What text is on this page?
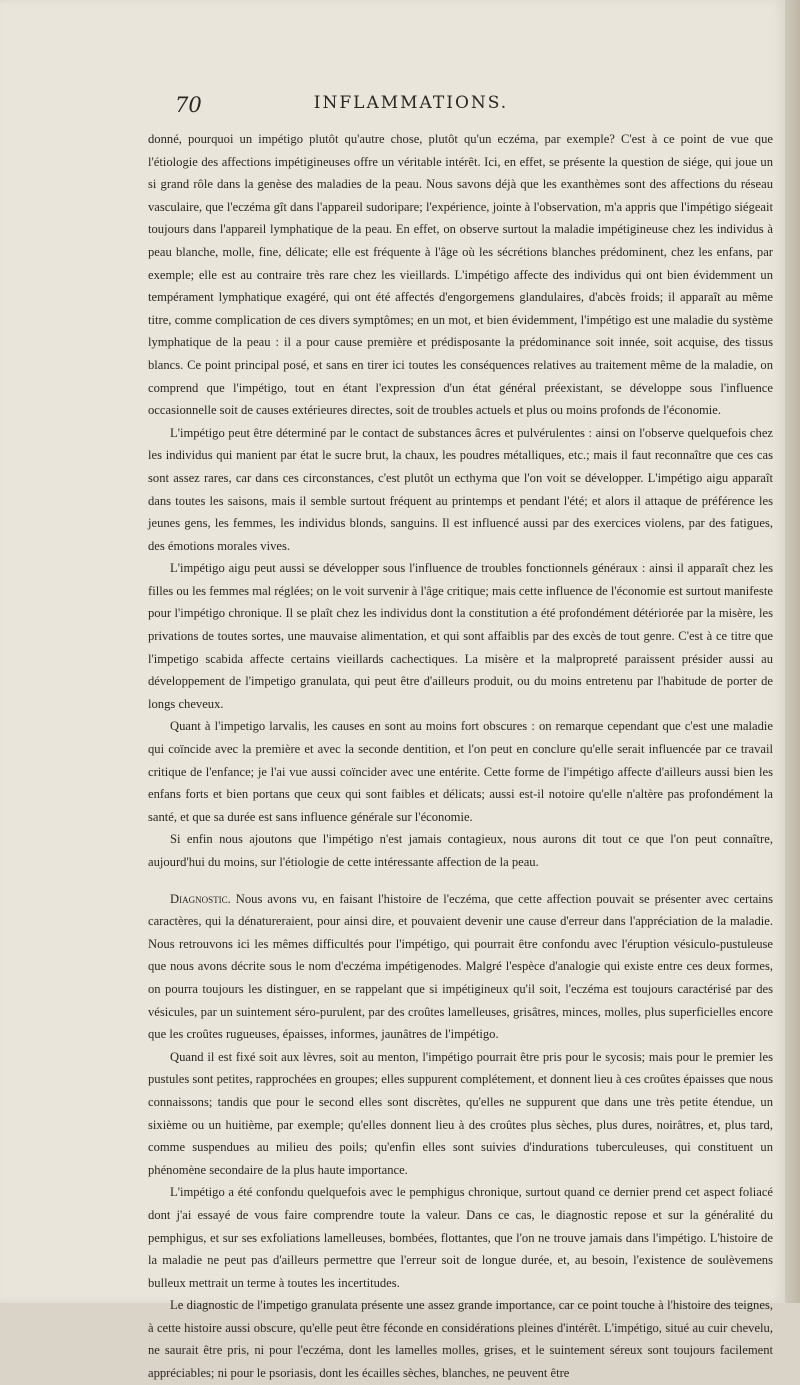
70	INFLAMMATIONS.

donné, pourquoi un impétigo plutôt qu'autre chose, plutôt qu'un eczéma, par exemple? C'est à ce point de vue que l'étiologie des affections impétigineuses offre un véritable intérêt. Ici, en effet, se présente la question de siége, qui joue un si grand rôle dans la genèse des maladies de la peau. Nous savons déjà que les exanthèmes sont des affections du réseau vasculaire, que l'eczéma gît dans l'appareil sudoripare; l'expérience, jointe à l'observation, m'a appris que l'impétigo siégeait toujours dans l'appareil lymphatique de la peau. En effet, on observe surtout la maladie impétigineuse chez les individus à peau blanche, molle, fine, délicate; elle est fréquente à l'âge où les sécrétions blanches prédominent, chez les enfans, par exemple; elle est au contraire très rare chez les vieillards. L'impétigo affecte des individus qui ont bien évidemment un tempérament lymphatique exagéré, qui ont été affectés d'engorgemens glandulaires, d'abcès froids; il apparaît au même titre, comme complication de ces divers symptômes; en un mot, et bien évidemment, l'impétigo est une maladie du système lymphatique de la peau : il a pour cause première et prédisposante la prédominance soit innée, soit acquise, des tissus blancs. Ce point principal posé, et sans en tirer ici toutes les conséquences relatives au traitement même de la maladie, on comprend que l'impétigo, tout en étant l'expression d'un état général préexistant, se développe sous l'influence occasionnelle soit de causes extérieures directes, soit de troubles actuels et plus ou moins profonds de l'économie.

L'impétigo peut être déterminé par le contact de substances âcres et pulvérulentes : ainsi on l'observe quelquefois chez les individus qui manient par état le sucre brut, la chaux, les poudres métalliques, etc.; mais il faut reconnaître que ces cas sont assez rares, car dans ces circonstances, c'est plutôt un ecthyma que l'on voit se développer. L'impétigo aigu apparaît dans toutes les saisons, mais il semble surtout fréquent au printemps et pendant l'été; et alors il attaque de préférence les jeunes gens, les femmes, les individus blonds, sanguins. Il est influencé aussi par des exercices violens, par des fatigues, des émotions morales vives.

L'impétigo aigu peut aussi se développer sous l'influence de troubles fonctionnels généraux : ainsi il apparaît chez les filles ou les femmes mal réglées; on le voit survenir à l'âge critique; mais cette influence de l'économie est surtout manifeste pour l'impétigo chronique. Il se plaît chez les individus dont la constitution a été profondément détériorée par la misère, les privations de toutes sortes, une mauvaise alimentation, et qui sont affaiblis par des excès de tout genre. C'est à ce titre que l'impetigo scabida affecte certains vieillards cachectiques. La misère et la malpropreté paraissent présider aussi au développement de l'impetigo granulata, qui peut être d'ailleurs produit, ou du moins entretenu par l'habitude de porter de longs cheveux.

Quant à l'impetigo larvalis, les causes en sont au moins fort obscures : on remarque cependant que c'est une maladie qui coïncide avec la première et avec la seconde dentition, et l'on peut en conclure qu'elle serait influencée par ce travail critique de l'enfance; je l'ai vue aussi coïncider avec une entérite. Cette forme de l'impétigo affecte d'ailleurs aussi bien les enfans forts et bien portans que ceux qui sont faibles et délicats; aussi est-il notoire qu'elle n'altère pas profondément la santé, et que sa durée est sans influence générale sur l'économie.

Si enfin nous ajoutons que l'impétigo n'est jamais contagieux, nous aurons dit tout ce que l'on peut connaître, aujourd'hui du moins, sur l'étiologie de cette intéressante affection de la peau.

Diagnostic. Nous avons vu, en faisant l'histoire de l'eczéma, que cette affection pouvait se présenter avec certains caractères, qui la dénatureraient, pour ainsi dire, et pouvaient devenir une cause d'erreur dans l'appréciation de la maladie. Nous retrouvons ici les mêmes difficultés pour l'impétigo, qui pourrait être confondu avec l'éruption vésiculo-pustuleuse que nous avons décrite sous le nom d'eczéma impétigenodes. Malgré l'espèce d'analogie qui existe entre ces deux formes, on pourra toujours les distinguer, en se rappelant que si impétigineux qu'il soit, l'eczéma est toujours caractérisé par des vésicules, par un suintement séro-purulent, par des croûtes lamelleuses, grisâtres, minces, molles, plus superficielles encore que les croûtes rugueuses, épaisses, informes, jaunâtres de l'impétigo.

Quand il est fixé soit aux lèvres, soit au menton, l'impétigo pourrait être pris pour le sycosis; mais pour le premier les pustules sont petites, rapprochées en groupes; elles suppurent complétement, et donnent lieu à ces croûtes épaisses que nous connaissons; tandis que pour le second elles sont discrètes, qu'elles ne suppurent que dans une très petite étendue, un sixième ou un huitième, par exemple; qu'elles donnent lieu à des croûtes plus sèches, plus dures, noirâtres, et, plus tard, comme suspendues au milieu des poils; qu'enfin elles sont suivies d'indurations tuberculeuses, qui constituent un phénomène secondaire de la plus haute importance.

L'impétigo a été confondu quelquefois avec le pemphigus chronique, surtout quand ce dernier prend cet aspect foliacé dont j'ai essayé de vous faire comprendre toute la valeur. Dans ce cas, le diagnostic repose et sur la généralité du pemphigus, et sur ses exfoliations lamelleuses, bombées, flottantes, que l'on ne trouve jamais dans l'impétigo. L'histoire de la maladie ne peut pas d'ailleurs permettre que l'erreur soit de longue durée, et, au besoin, l'existence de soulèvemens bulleux mettrait un terme à toutes les incertitudes.

Le diagnostic de l'impetigo granulata présente une assez grande importance, car ce point touche à l'histoire des teignes, à cette histoire aussi obscure, qu'elle peut être féconde en considérations pleines d'intérêt. L'impétigo, situé au cuir chevelu, ne saurait être pris, ni pour l'eczéma, dont les lamelles molles, grises, et le suintement séreux sont toujours facilement appréciables; ni pour le psoriasis, dont les écailles sèches, blanches, ne peuvent être
